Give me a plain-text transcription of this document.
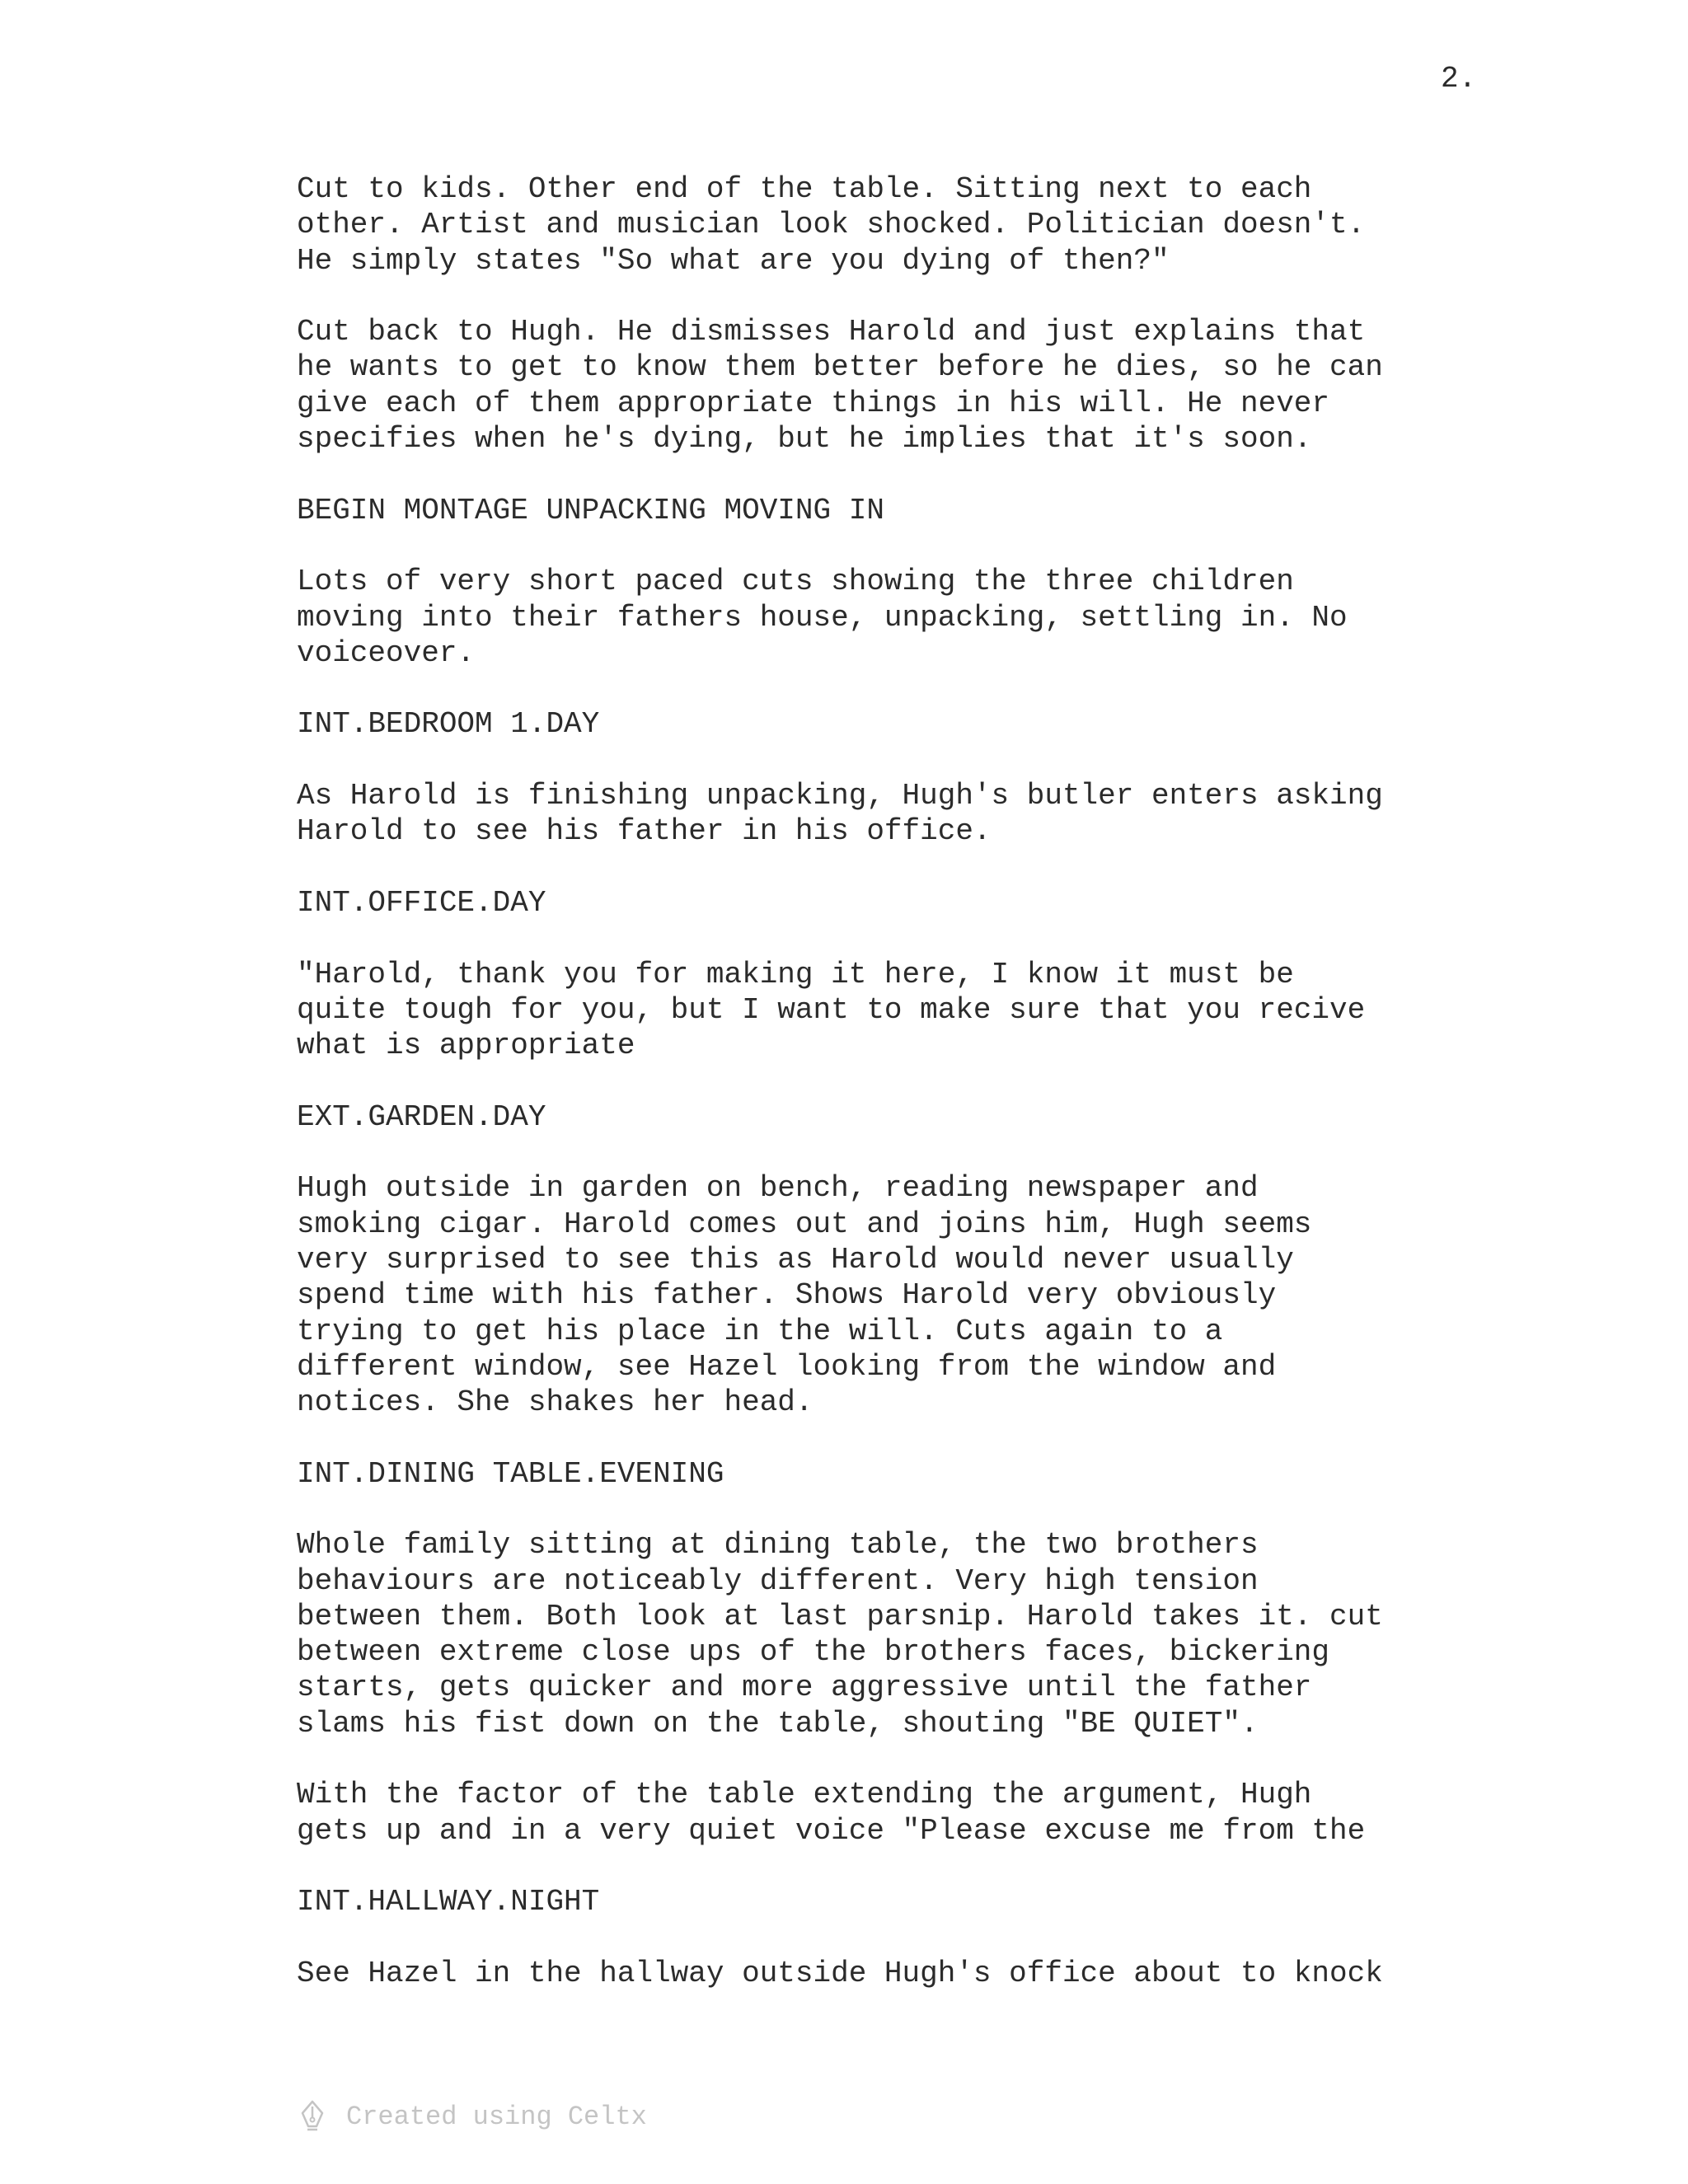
2.
Cut to kids. Other end of the table. Sitting next to each
other. Artist and musician look shocked. Politician doesn't.
He simply states "So what are you dying of then?"
Cut back to Hugh. He dismisses Harold and just explains that
he wants to get to know them better before he dies, so he can
give each of them appropriate things in his will. He never
specifies when he's dying, but he implies that it's soon.
BEGIN MONTAGE UNPACKING MOVING IN
Lots of very short paced cuts showing the three children
moving into their fathers house, unpacking, settling in. No
voiceover.
INT.BEDROOM 1.DAY
As Harold is finishing unpacking, Hugh's butler enters asking
Harold to see his father in his office.
INT.OFFICE.DAY
"Harold, thank you for making it here, I know it must be
quite tough for you, but I want to make sure that you recive
what is appropriate
EXT.GARDEN.DAY
Hugh outside in garden on bench, reading newspaper and
smoking cigar. Harold comes out and joins him, Hugh seems
very surprised to see this as Harold would never usually
spend time with his father. Shows Harold very obviously
trying to get his place in the will. Cuts again to a
different window, see Hazel looking from the window and
notices. She shakes her head.
INT.DINING TABLE.EVENING
Whole family sitting at dining table, the two brothers
behaviours are noticeably different. Very high tension
between them. Both look at last parsnip. Harold takes it. cut
between extreme close ups of the brothers faces, bickering
starts, gets quicker and more aggressive until the father
slams his fist down on the table, shouting "BE QUIET".
With the factor of the table extending the argument, Hugh
gets up and in a very quiet voice "Please excuse me from the
INT.HALLWAY.NIGHT
See Hazel in the hallway outside Hugh's office about to knock
Created using Celtx
